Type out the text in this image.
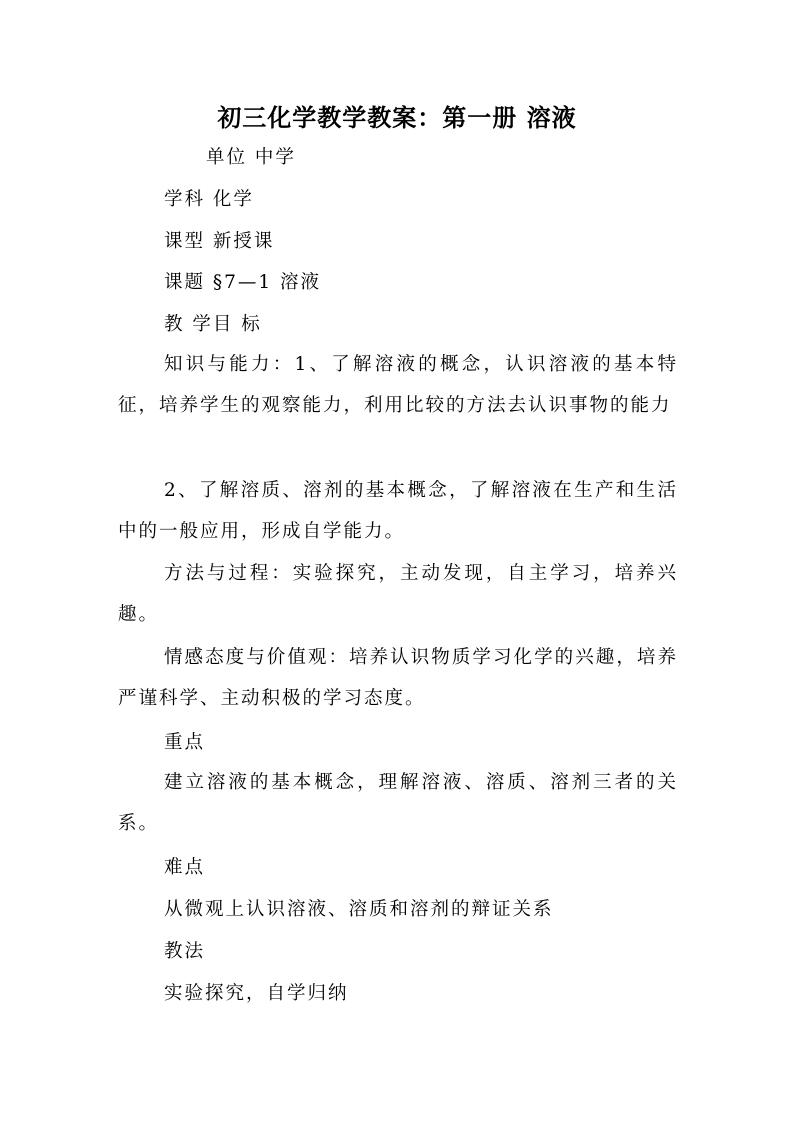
初三化学教学教案：第一册 溶液
单位 中学
学科 化学
课型 新授课
课题 §7—1 溶液
教 学目 标
知识与能力：1、了解溶液的概念，认识溶液的基本特征，培养学生的观察能力，利用比较的方法去认识事物的能力
2、了解溶质、溶剂的基本概念，了解溶液在生产和生活中的一般应用，形成自学能力。
方法与过程：实验探究，主动发现，自主学习，培养兴趣。
情感态度与价值观：培养认识物质学习化学的兴趣，培养严谨科学、主动积极的学习态度。
重点
建立溶液的基本概念，理解溶液、溶质、溶剂三者的关系。
难点
从微观上认识溶液、溶质和溶剂的辩证关系
教法
实验探究，自学归纳
